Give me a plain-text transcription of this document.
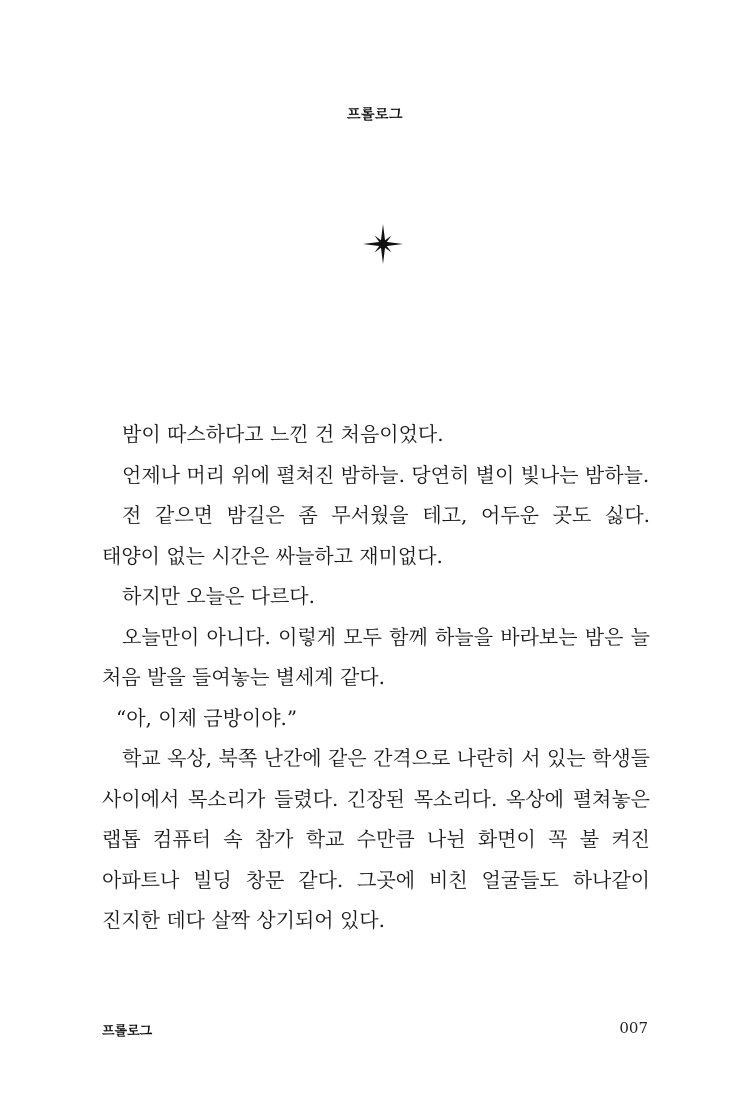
프롤로그

밤이 따스하다고 느낀 건 처음이었다.

언제나 머리 위에 펼쳐진 밤하늘. 당연히 별이 빛나는 밤하늘.

전 같으면 밤길은 좀 무서웠을 테고, 어두운 곳도 싫다. 태양이 없는 시간은 싸늘하고 재미없다.

하지만 오늘은 다르다.

오늘만이 아니다. 이렇게 모두 함께 하늘을 바라보는 밤은 늘 처음 발을 들여놓는 별세계 같다.

“아, 이제 금방이야.”

학교 옥상, 북쪽 난간에 같은 간격으로 나란히 서 있는 학생들 사이에서 목소리가 들렸다. 긴장된 목소리다. 옥상에 펼쳐놓은 랩톱 컴퓨터 속 참가 학교 수만큼 나뉜 화면이 꼭 불 켜진 아파트나 빌딩 창문 같다. 그곳에 비친 얼굴들도 하나같이 진지한 데다 살짝 상기되어 있다.

프롤로그	007
